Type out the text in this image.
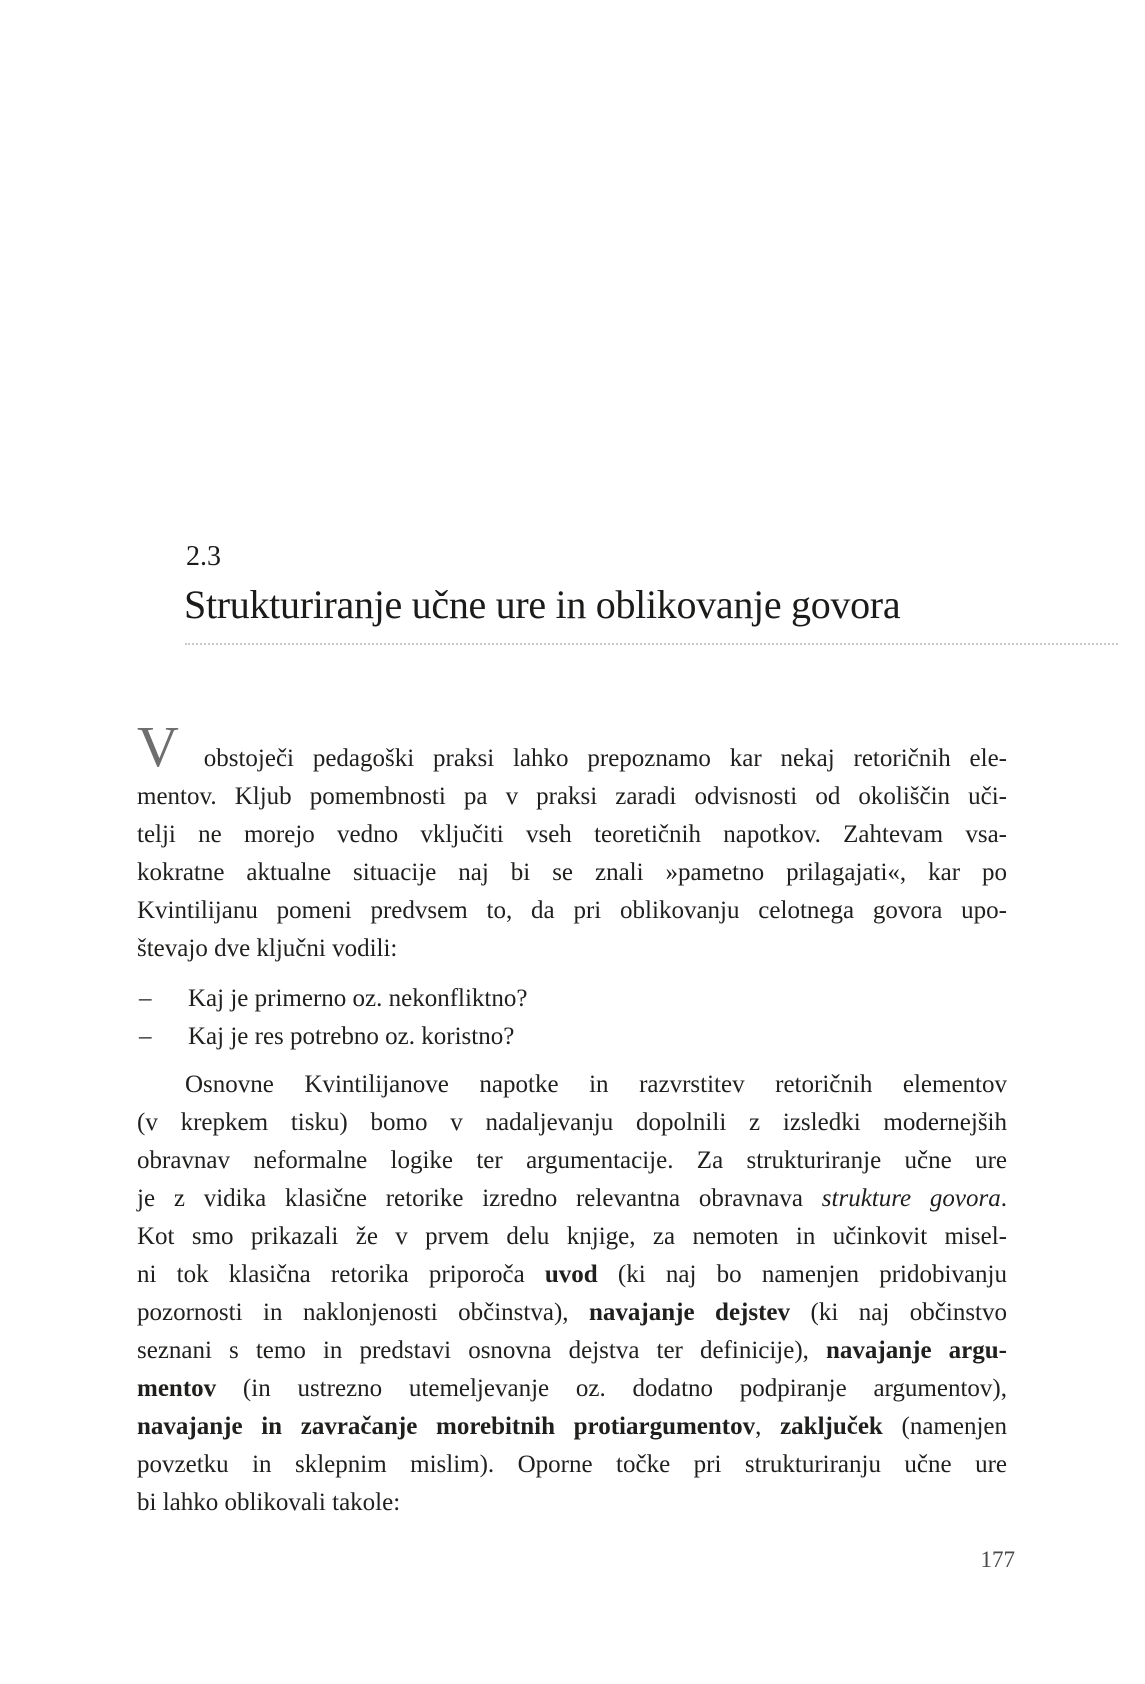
2.3
Strukturiranje učne ure in oblikovanje govora
V obstoječi pedagoški praksi lahko prepoznamo kar nekaj retoričnih ele-
mentov. Kljub pomembnosti pa v praksi zaradi odvisnosti od okoliščin uči-
telji ne morejo vedno vključiti vseh teoretičnih napotkov. Zahtevam vsa-
kokratne aktualne situacije naj bi se znali »pametno prilagajati«, kar po
Kvintilijanu pomeni predvsem to, da pri oblikovanju celotnega govora upo-
števajo dve ključni vodili:
– Kaj je primerno oz. nekonfliktno?
– Kaj je res potrebno oz. koristno?
Osnovne Kvintilijanove napotke in razvrstitev retoričnih elementov
(v krepkem tisku) bomo v nadaljevanju dopolnili z izsledki modernejših
obravnav neformalne logike ter argumentacije. Za strukturiranje učne ure
je z vidika klasične retorike izredno relevantna obravnava strukture govora.
Kot smo prikazali že v prvem delu knjige, za nemoten in učinkovit misel-
ni tok klasična retorika priporoča uvod (ki naj bo namenjen pridobivanju
pozornosti in naklonjenosti občinstva), navajanje dejstev (ki naj občinstvo
seznani s temo in predstavi osnovna dejstva ter definicije), navajanje argu-
mentov (in ustrezno utemeljevanje oz. dodatno podpiranje argumentov),
navajanje in zavračanje morebitnih protiargumentov, zaključek (namenjen
povzetku in sklepnim mislim). Oporne točke pri strukturiranju učne ure
bi lahko oblikovali takole:
177
